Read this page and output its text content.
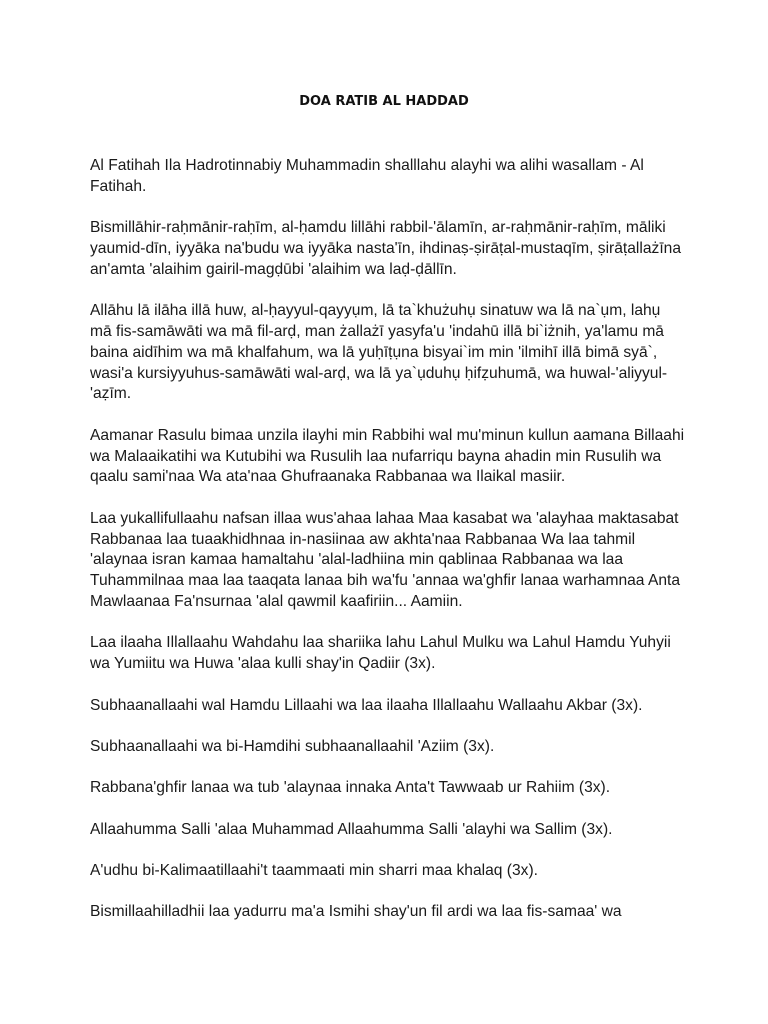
DOA RATIB AL HADDAD

Al Fatihah Ila Hadrotinnabiy Muhammadin shalllahu alayhi wa alihi wasallam - Al Fatihah.

Bismillāhir-raḥmānir-raḥīm, al-ḥamdu lillāhi rabbil-'ālamīn, ar-raḥmānir-raḥīm, māliki yaumid-dīn, iyyāka na'budu wa iyyāka nasta'īn, ihdinaṣ-ṣirāṭal-mustaqīm, ṣirāṭallażīna an'amta 'alaihim gairil-magḍūbi 'alaihim wa laḍ-ḍāllīn.

Allāhu lā ilāha illā huw, al-ḥayyul-qayyụm, lā ta`khużuhụ sinatuw wa lā na`ụm, lahụ mā fis-samāwāti wa mā fil-arḍ, man żallażī yasyfa'u 'indahū illā bi`iżnih, ya'lamu mā baina aidīhim wa mā khalfahum, wa lā yuḥīṭụna bisyai`im min 'ilmihī illā bimā syā`, wasi'a kursiyyuhus-samāwāti wal-arḍ, wa lā ya`ụduhụ ḥifẓuhumā, wa huwal-'aliyyul-'aẓīm.

Aamanar Rasulu bimaa unzila ilayhi min Rabbihi wal mu'minun kullun aamana Billaahi wa Malaaikatihi wa Kutubihi wa Rusulih laa nufarriqu bayna ahadin min Rusulih wa qaalu sami'naa Wa ata'naa Ghufraanaka Rabbanaa wa Ilaikal masiir.

Laa yukallifullaahu nafsan illaa wus'ahaa lahaa Maa kasabat wa 'alayhaa maktasabat Rabbanaa laa tuaakhidhnaa in-nasiinaa aw akhta'naa Rabbanaa Wa laa tahmil 'alaynaa isran kamaa hamaltahu 'alal-ladhiina min qablinaa Rabbanaa wa laa Tuhammilnaa maa laa taaqata lanaa bih wa'fu 'annaa wa'ghfir lanaa warhamnaa Anta Mawlaanaa Fa'nsurnaa 'alal qawmil kaafiriin... Aamiin.

Laa ilaaha Illallaahu Wahdahu laa shariika lahu Lahul Mulku wa Lahul Hamdu Yuhyii wa Yumiitu wa Huwa 'alaa kulli shay'in Qadiir (3x).

Subhaanallaahi wal Hamdu Lillaahi wa laa ilaaha Illallaahu Wallaahu Akbar (3x).

Subhaanallaahi wa bi-Hamdihi subhaanallaahil 'Aziim (3x).

Rabbana'ghfir lanaa wa tub 'alaynaa innaka Anta't Tawwaab ur Rahiim (3x).

Allaahumma Salli 'alaa Muhammad Allaahumma Salli 'alayhi wa Sallim (3x).

A'udhu bi-Kalimaatillaahi't taammaati min sharri maa khalaq (3x).

Bismillaahilladhii laa yadurru ma'a Ismihi shay'un fil ardi wa laa fis-samaa' wa
